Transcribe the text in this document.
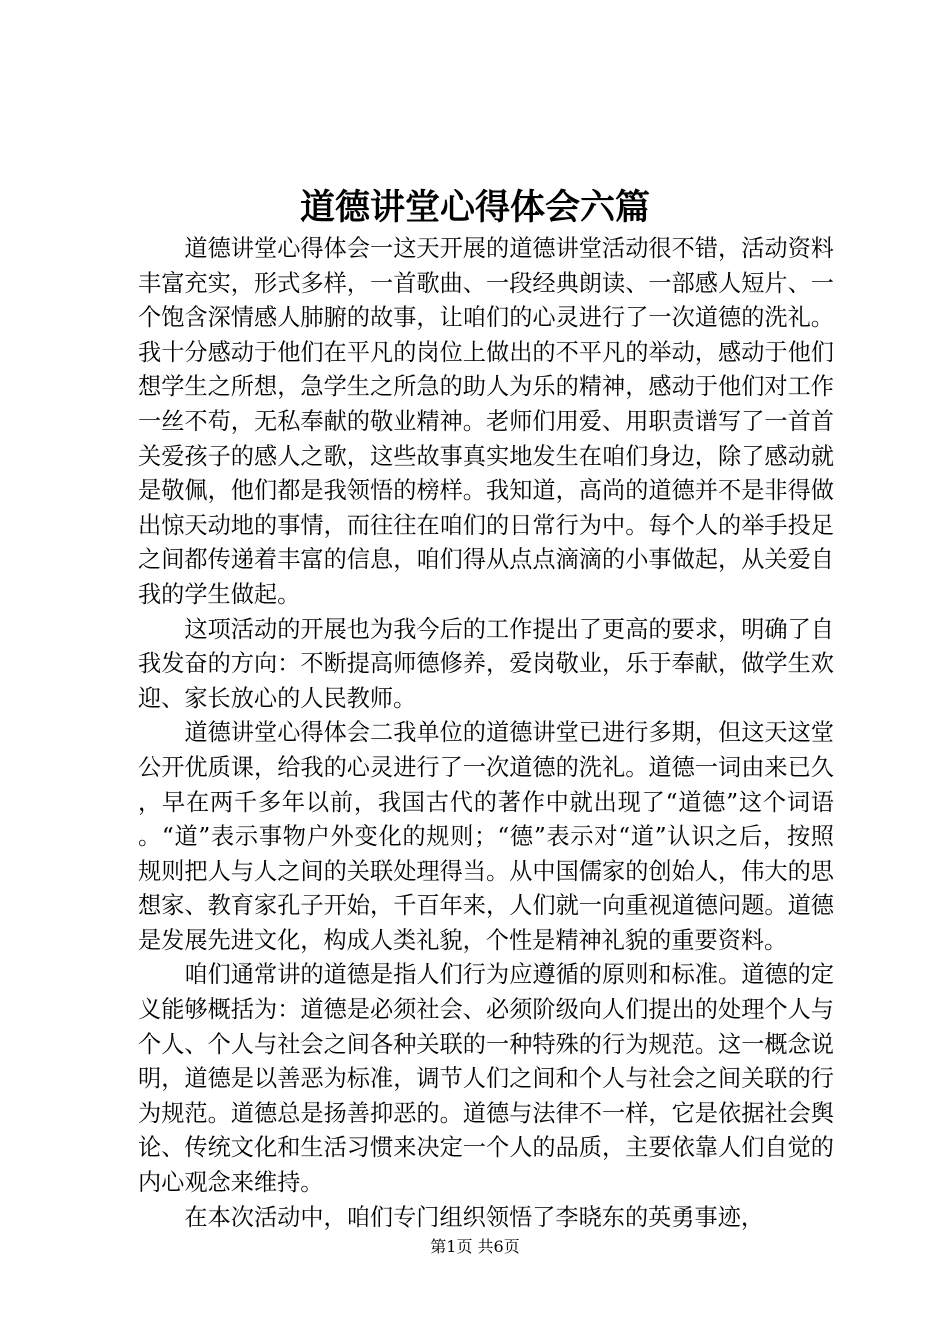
道德讲堂心得体会六篇

道德讲堂心得体会一这天开展的道德讲堂活动很不错，活动资料丰富充实，形式多样，一首歌曲、一段经典朗读、一部感人短片、一个饱含深情感人肺腑的故事，让咱们的心灵进行了一次道德的洗礼。我十分感动于他们在平凡的岗位上做出的不平凡的举动，感动于他们想学生之所想，急学生之所急的助人为乐的精神，感动于他们对工作一丝不苟，无私奉献的敬业精神。老师们用爱、用职责谱写了一首首关爱孩子的感人之歌，这些故事真实地发生在咱们身边，除了感动就是敬佩，他们都是我领悟的榜样。我知道，高尚的道德并不是非得做出惊天动地的事情，而往往在咱们的日常行为中。每个人的举手投足之间都传递着丰富的信息，咱们得从点点滴滴的小事做起，从关爱自我的学生做起。

这项活动的开展也为我今后的工作提出了更高的要求，明确了自我发奋的方向：不断提高师德修养，爱岗敬业，乐于奉献，做学生欢迎、家长放心的人民教师。

道德讲堂心得体会二我单位的道德讲堂已进行多期，但这天这堂公开优质课，给我的心灵进行了一次道德的洗礼。道德一词由来已久，早在两千多年以前，我国古代的著作中就出现了“道德”这个词语。“道”表示事物户外变化的规则；“德”表示对“道”认识之后，按照规则把人与人之间的关联处理得当。从中国儒家的创始人，伟大的思想家、教育家孔子开始，千百年来，人们就一向重视道德问题。道德是发展先进文化，构成人类礼貌，个性是精神礼貌的重要资料。

咱们通常讲的道德是指人们行为应遵循的原则和标准。道德的定义能够概括为：道德是必须社会、必须阶级向人们提出的处理个人与个人、个人与社会之间各种关联的一种特殊的行为规范。这一概念说明，道德是以善恶为标准，调节人们之间和个人与社会之间关联的行为规范。道德总是扬善抑恶的。道德与法律不一样，它是依据社会舆论、传统文化和生活习惯来决定一个人的品质，主要依靠人们自觉的内心观念来维持。

在本次活动中，咱们专门组织领悟了李晓东的英勇事迹，

第1页 共6页
